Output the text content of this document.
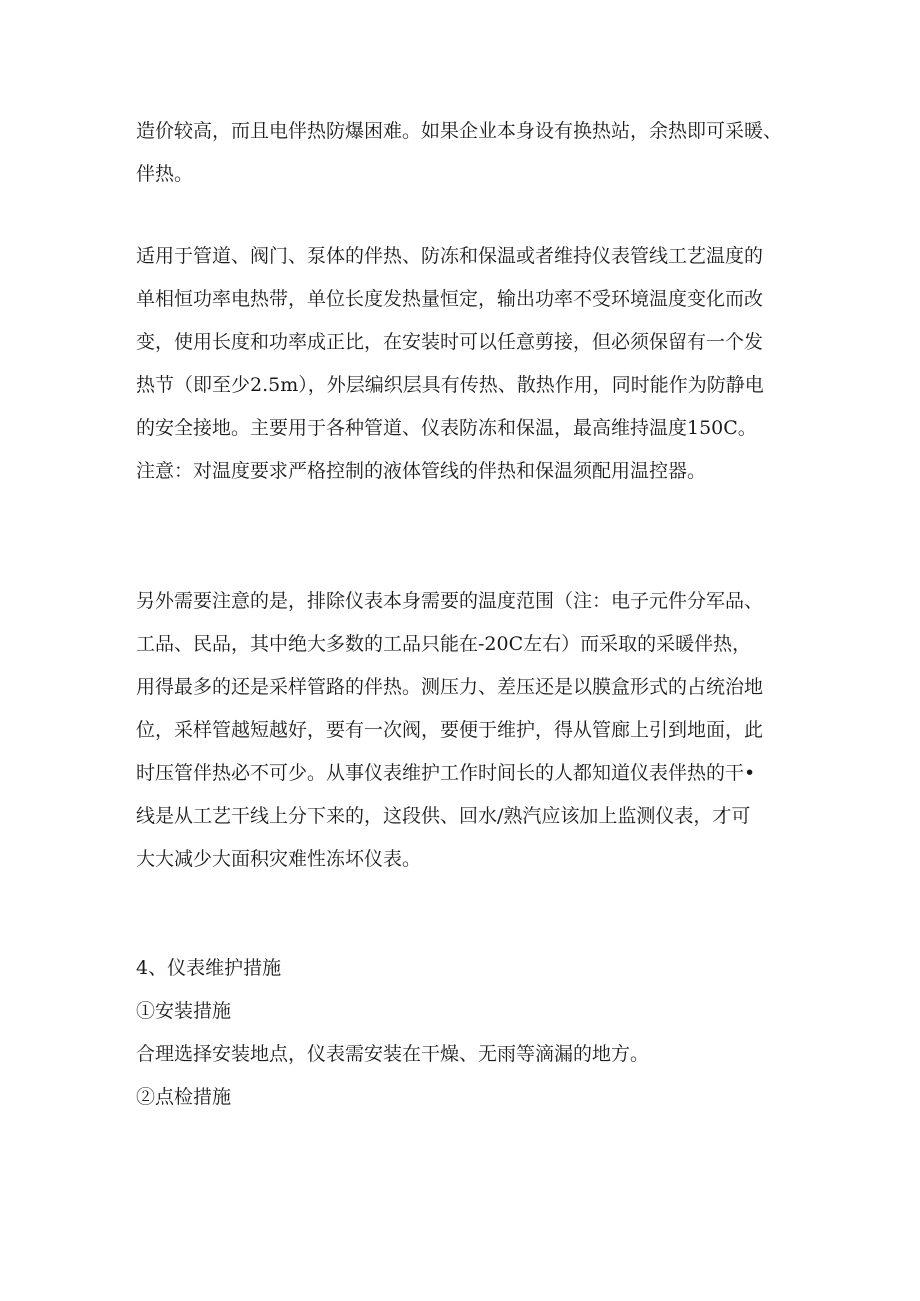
造价较高，而且电伴热防爆困难。如果企业本身设有换热站，余热即可采暖、
伴热。

适用于管道、阀门、泵体的伴热、防冻和保温或者维持仪表管线工艺温度的
单相恒功率电热带，单位长度发热量恒定，输出功率不受环境温度变化而改
变，使用长度和功率成正比，在安装时可以任意剪接，但必须保留有一个发
热节（即至少2.5m），外层编织层具有传热、散热作用，同时能作为防静电
的安全接地。主要用于各种管道、仪表防冻和保温，最高维持温度150C。
注意：对温度要求严格控制的液体管线的伴热和保温须配用温控器。

另外需要注意的是，排除仪表本身需要的温度范围（注：电子元件分军品、
工品、民品，其中绝大多数的工品只能在-20C左右）而采取的采暖伴热，
用得最多的还是采样管路的伴热。测压力、差压还是以膜盒形式的占统治地
位，采样管越短越好，要有一次阀，要便于维护，得从管廊上引到地面，此
时压管伴热必不可少。从事仪表维护工作时间长的人都知道仪表伴热的干•
线是从工艺干线上分下来的，这段供、回水/熟汽应该加上监测仪表，才可
大大减少大面积灾难性冻坏仪表。

4、仪表维护措施

①安装措施

合理选择安装地点，仪表需安装在干燥、无雨等滴漏的地方。

②点检措施
